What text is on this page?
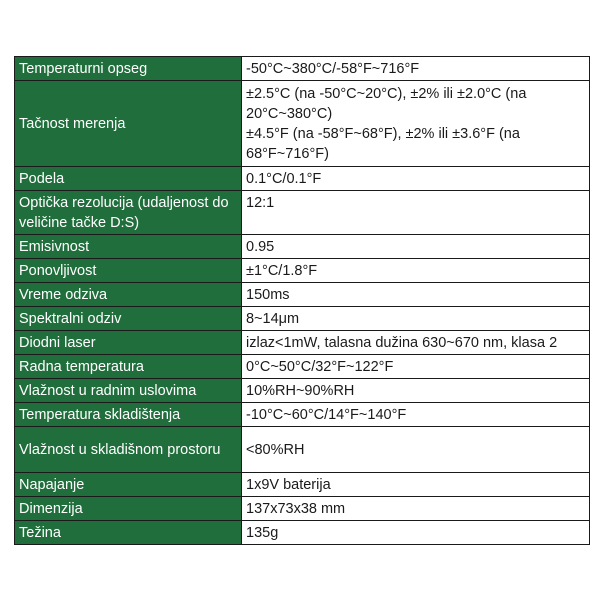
Temperaturni opseg	-50°C~380°C/-58°F~716°F

Tačnost merenja	±2.5°C (na -50°C~20°C), ±2% ili ±2.0°C (na 20°C~380°C)
±4.5°F (na -58°F~68°F), ±2% ili ±3.6°F (na 68°F~716°F)

Podela	0.1°C/0.1°F

Optička rezolucija (udaljenost do veličine tačke D:S)	12:1

Emisivnost	0.95

Ponovljivost	±1°C/1.8°F

Vreme odziva	150ms

Spektralni odziv	8~14μm

Diodni laser	izlaz<1mW, talasna dužina 630~670 nm, klasa 2

Radna temperatura	0°C~50°C/32°F~122°F

Vlažnost u radnim uslovima	10%RH~90%RH

Temperatura skladištenja	-10°C~60°C/14°F~140°F

Vlažnost u skladišnom prostoru	<80%RH

Napajanje	1x9V baterija

Dimenzija	137x73x38 mm

Težina	135g
